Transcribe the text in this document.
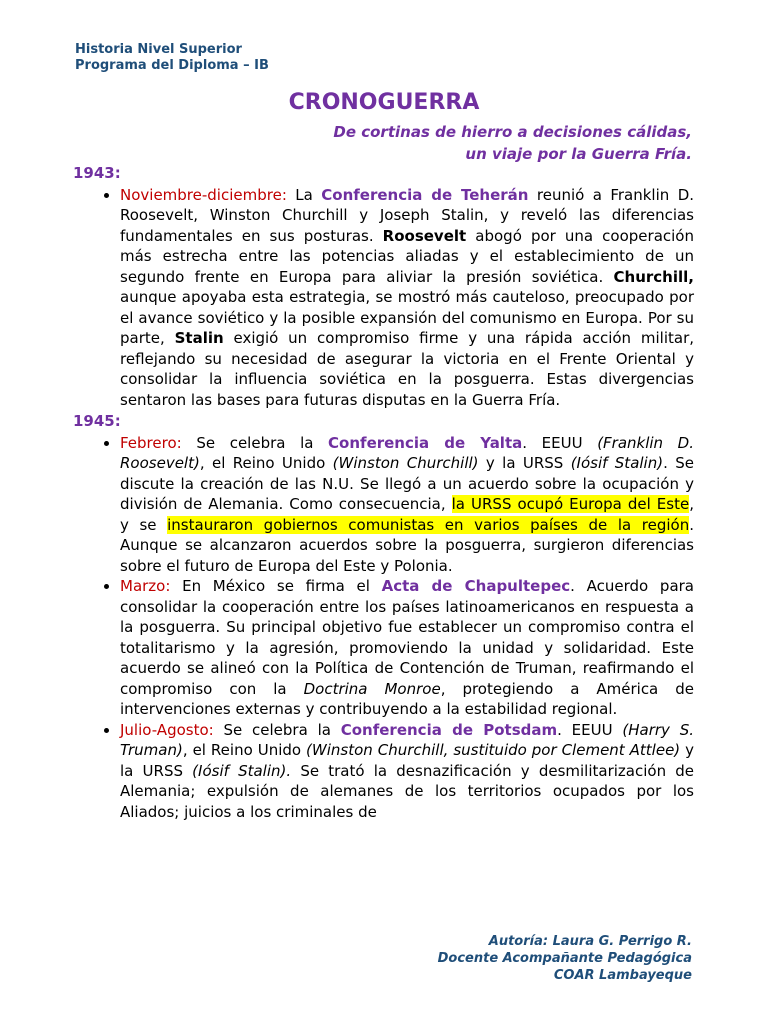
Historia Nivel Superior
Programa del Diploma – IB
CRONOGUERRA
De cortinas de hierro a decisiones cálidas,
un viaje por la Guerra Fría.
1943:
• Noviembre-diciembre: La Conferencia de Teherán reunió a Franklin D. Roosevelt, Winston Churchill y Joseph Stalin, y reveló las diferencias fundamentales en sus posturas. Roosevelt abogó por una cooperación más estrecha entre las potencias aliadas y el establecimiento de un segundo frente en Europa para aliviar la presión soviética. Churchill, aunque apoyaba esta estrategia, se mostró más cauteloso, preocupado por el avance soviético y la posible expansión del comunismo en Europa. Por su parte, Stalin exigió un compromiso firme y una rápida acción militar, reflejando su necesidad de asegurar la victoria en el Frente Oriental y consolidar la influencia soviética en la posguerra. Estas divergencias sentaron las bases para futuras disputas en la Guerra Fría.
1945:
• Febrero: Se celebra la Conferencia de Yalta. EEUU (Franklin D. Roosevelt), el Reino Unido (Winston Churchill) y la URSS (Iósif Stalin). Se discute la creación de las N.U. Se llegó a un acuerdo sobre la ocupación y división de Alemania. Como consecuencia, la URSS ocupó Europa del Este, y se instauraron gobiernos comunistas en varios países de la región. Aunque se alcanzaron acuerdos sobre la posguerra, surgieron diferencias sobre el futuro de Europa del Este y Polonia.
• Marzo: En México se firma el Acta de Chapultepec. Acuerdo para consolidar la cooperación entre los países latinoamericanos en respuesta a la posguerra. Su principal objetivo fue establecer un compromiso contra el totalitarismo y la agresión, promoviendo la unidad y solidaridad. Este acuerdo se alineó con la Política de Contención de Truman, reafirmando el compromiso con la Doctrina Monroe, protegiendo a América de intervenciones externas y contribuyendo a la estabilidad regional.
• Julio-Agosto: Se celebra la Conferencia de Potsdam. EEUU (Harry S. Truman), el Reino Unido (Winston Churchill, sustituido por Clement Attlee) y la URSS (Iósif Stalin). Se trató la desnazificación y desmilitarización de Alemania; expulsión de alemanes de los territorios ocupados por los Aliados; juicios a los criminales de
Autoría: Laura G. Perrigo R.
Docente Acompañante Pedagógica
COAR Lambayeque
